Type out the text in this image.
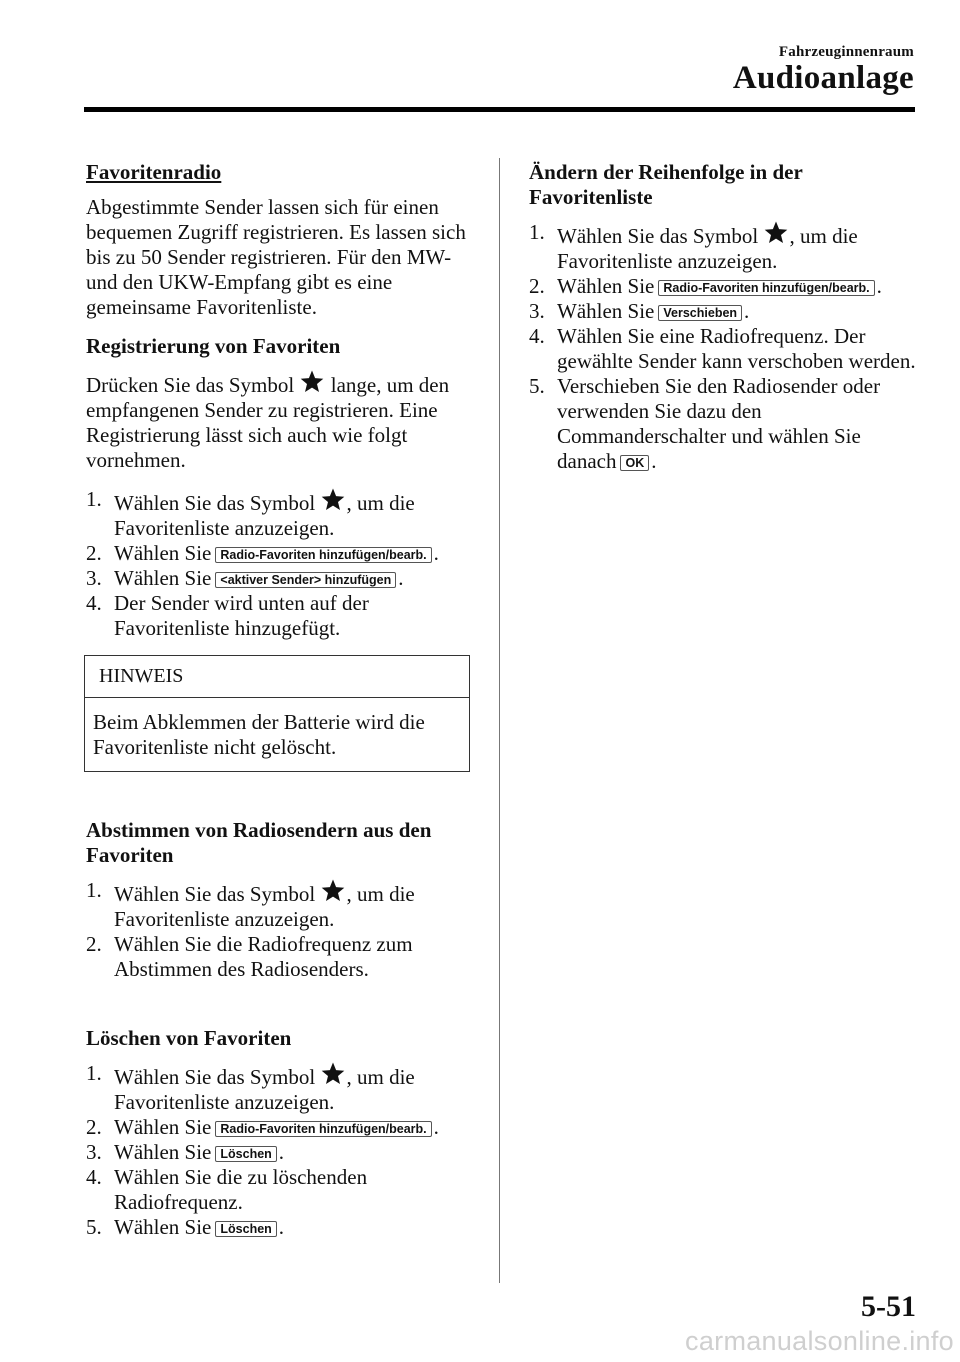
Fahrzeuginnenraum
Audioanlage

Favoritenradio

Abgestimmte Sender lassen sich für einen bequemen Zugriff registrieren. Es lassen sich bis zu 50 Sender registrieren. Für den MW- und den UKW-Empfang gibt es eine gemeinsame Favoritenliste.

Registrierung von Favoriten

Drücken Sie das Symbol lange, um den empfangenen Sender zu registrieren. Eine Registrierung lässt sich auch wie folgt vornehmen.

1. Wählen Sie das Symbol , um die Favoritenliste anzuzeigen.
2. Wählen Sie Radio-Favoriten hinzufügen/bearb. .
3. Wählen Sie <aktiver Sender> hinzufügen .
4. Der Sender wird unten auf der Favoritenliste hinzugefügt.
HINWEIS
Beim Abklemmen der Batterie wird die Favoritenliste nicht gelöscht.

Abstimmen von Radiosendern aus den Favoriten

1. Wählen Sie das Symbol , um die Favoritenliste anzuzeigen.
2. Wählen Sie die Radiofrequenz zum Abstimmen des Radiosenders.

Löschen von Favoriten

1. Wählen Sie das Symbol , um die Favoritenliste anzuzeigen.
2. Wählen Sie Radio-Favoriten hinzufügen/bearb. .
3. Wählen Sie Löschen .
4. Wählen Sie die zu löschenden Radiofrequenz.
5. Wählen Sie Löschen .

Ändern der Reihenfolge in der Favoritenliste

1. Wählen Sie das Symbol , um die Favoritenliste anzuzeigen.
2. Wählen Sie Radio-Favoriten hinzufügen/bearb. .
3. Wählen Sie Verschieben .
4. Wählen Sie eine Radiofrequenz. Der gewählte Sender kann verschoben werden.
5. Verschieben Sie den Radiosender oder verwenden Sie dazu den Commanderschalter und wählen Sie danach OK .
5-51
carmanualsonline.info
